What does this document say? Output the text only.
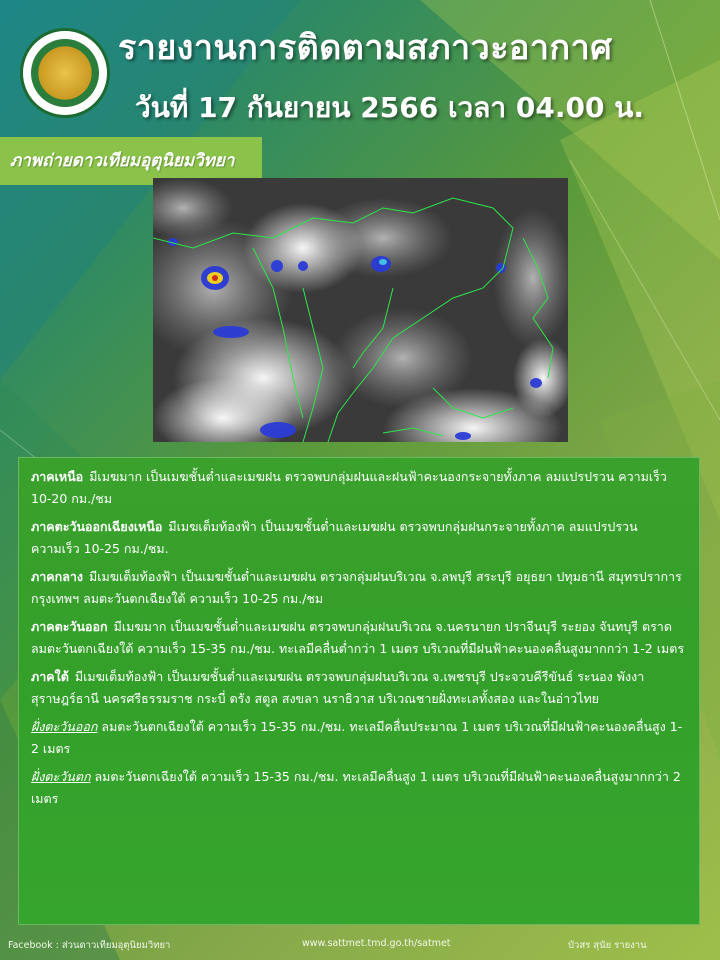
รายงานการติดตามสภาวะอากาศ
วันที่ 17 กันยายน 2566 เวลา 04.00 น.
ภาพถ่ายดาวเทียมอุตุนิยมวิทยา
ภาคเหนือ มีเมฆมาก เป็นเมฆชั้นต่ำและเมฆฝน ตรวจพบกลุ่มฝนและฝนฟ้าคะนองกระจายทั้งภาค ลมแปรปรวน ความเร็ว 10-20 กม./ชม
ภาคตะวันออกเฉียงเหนือ มีเมฆเต็มท้องฟ้า เป็นเมฆชั้นต่ำและเมฆฝน ตรวจพบกลุ่มฝนกระจายทั้งภาค ลมแปรปรวน ความเร็ว 10-25 กม./ชม.
ภาคกลาง มีเมฆเต็มท้องฟ้า เป็นเมฆชั้นต่ำและเมฆฝน ตรวจกลุ่มฝนบริเวณ จ.ลพบุรี สระบุรี อยุธยา ปทุมธานี สมุทรปราการ กรุงเทพฯ ลมตะวันตกเฉียงใต้ ความเร็ว 10-25 กม./ชม
ภาคตะวันออก มีเมฆมาก เป็นเมฆชั้นต่ำและเมฆฝน ตรวจพบกลุ่มฝนบริเวณ จ.นครนายก ปราจีนบุรี ระยอง จันทบุรี ตราด ลมตะวันตกเฉียงใต้ ความเร็ว 15-35 กม./ชม. ทะเลมีคลื่นต่ำกว่า 1 เมตร บริเวณที่มีฝนฟ้าคะนองคลื่นสูงมากกว่า 1-2 เมตร
ภาคใต้ มีเมฆเต็มท้องฟ้า เป็นเมฆชั้นต่ำและเมฆฝน ตรวจพบกลุ่มฝนบริเวณ จ.เพชรบุรี ประจวบคีรีขันธ์ ระนอง พังงา สุราษฎร์ธานี นครศรีธรรมราช กระบี่ ตรัง สตูล สงขลา นราธิวาส บริเวณชายฝั่งทะเลทั้งสอง และในอ่าวไทย
ฝั่งตะวันออก ลมตะวันตกเฉียงใต้ ความเร็ว 15-35 กม./ชม. ทะเลมีคลื่นประมาณ 1 เมตร บริเวณที่มีฝนฟ้าคะนองคลื่นสูง 1-2 เมตร
ฝั่งตะวันตก ลมตะวันตกเฉียงใต้ ความเร็ว 15-35 กม./ชม. ทะเลมีคลื่นสูง 1 เมตร บริเวณที่มีฝนฟ้าคะนองคลื่นสูงมากกว่า 2 เมตร
Facebook : ส่วนดาวเทียมอุตุนิยมวิทยา	www.sattmet.tmd.go.th/satmet	บัวสร สุนัย รายงาน
